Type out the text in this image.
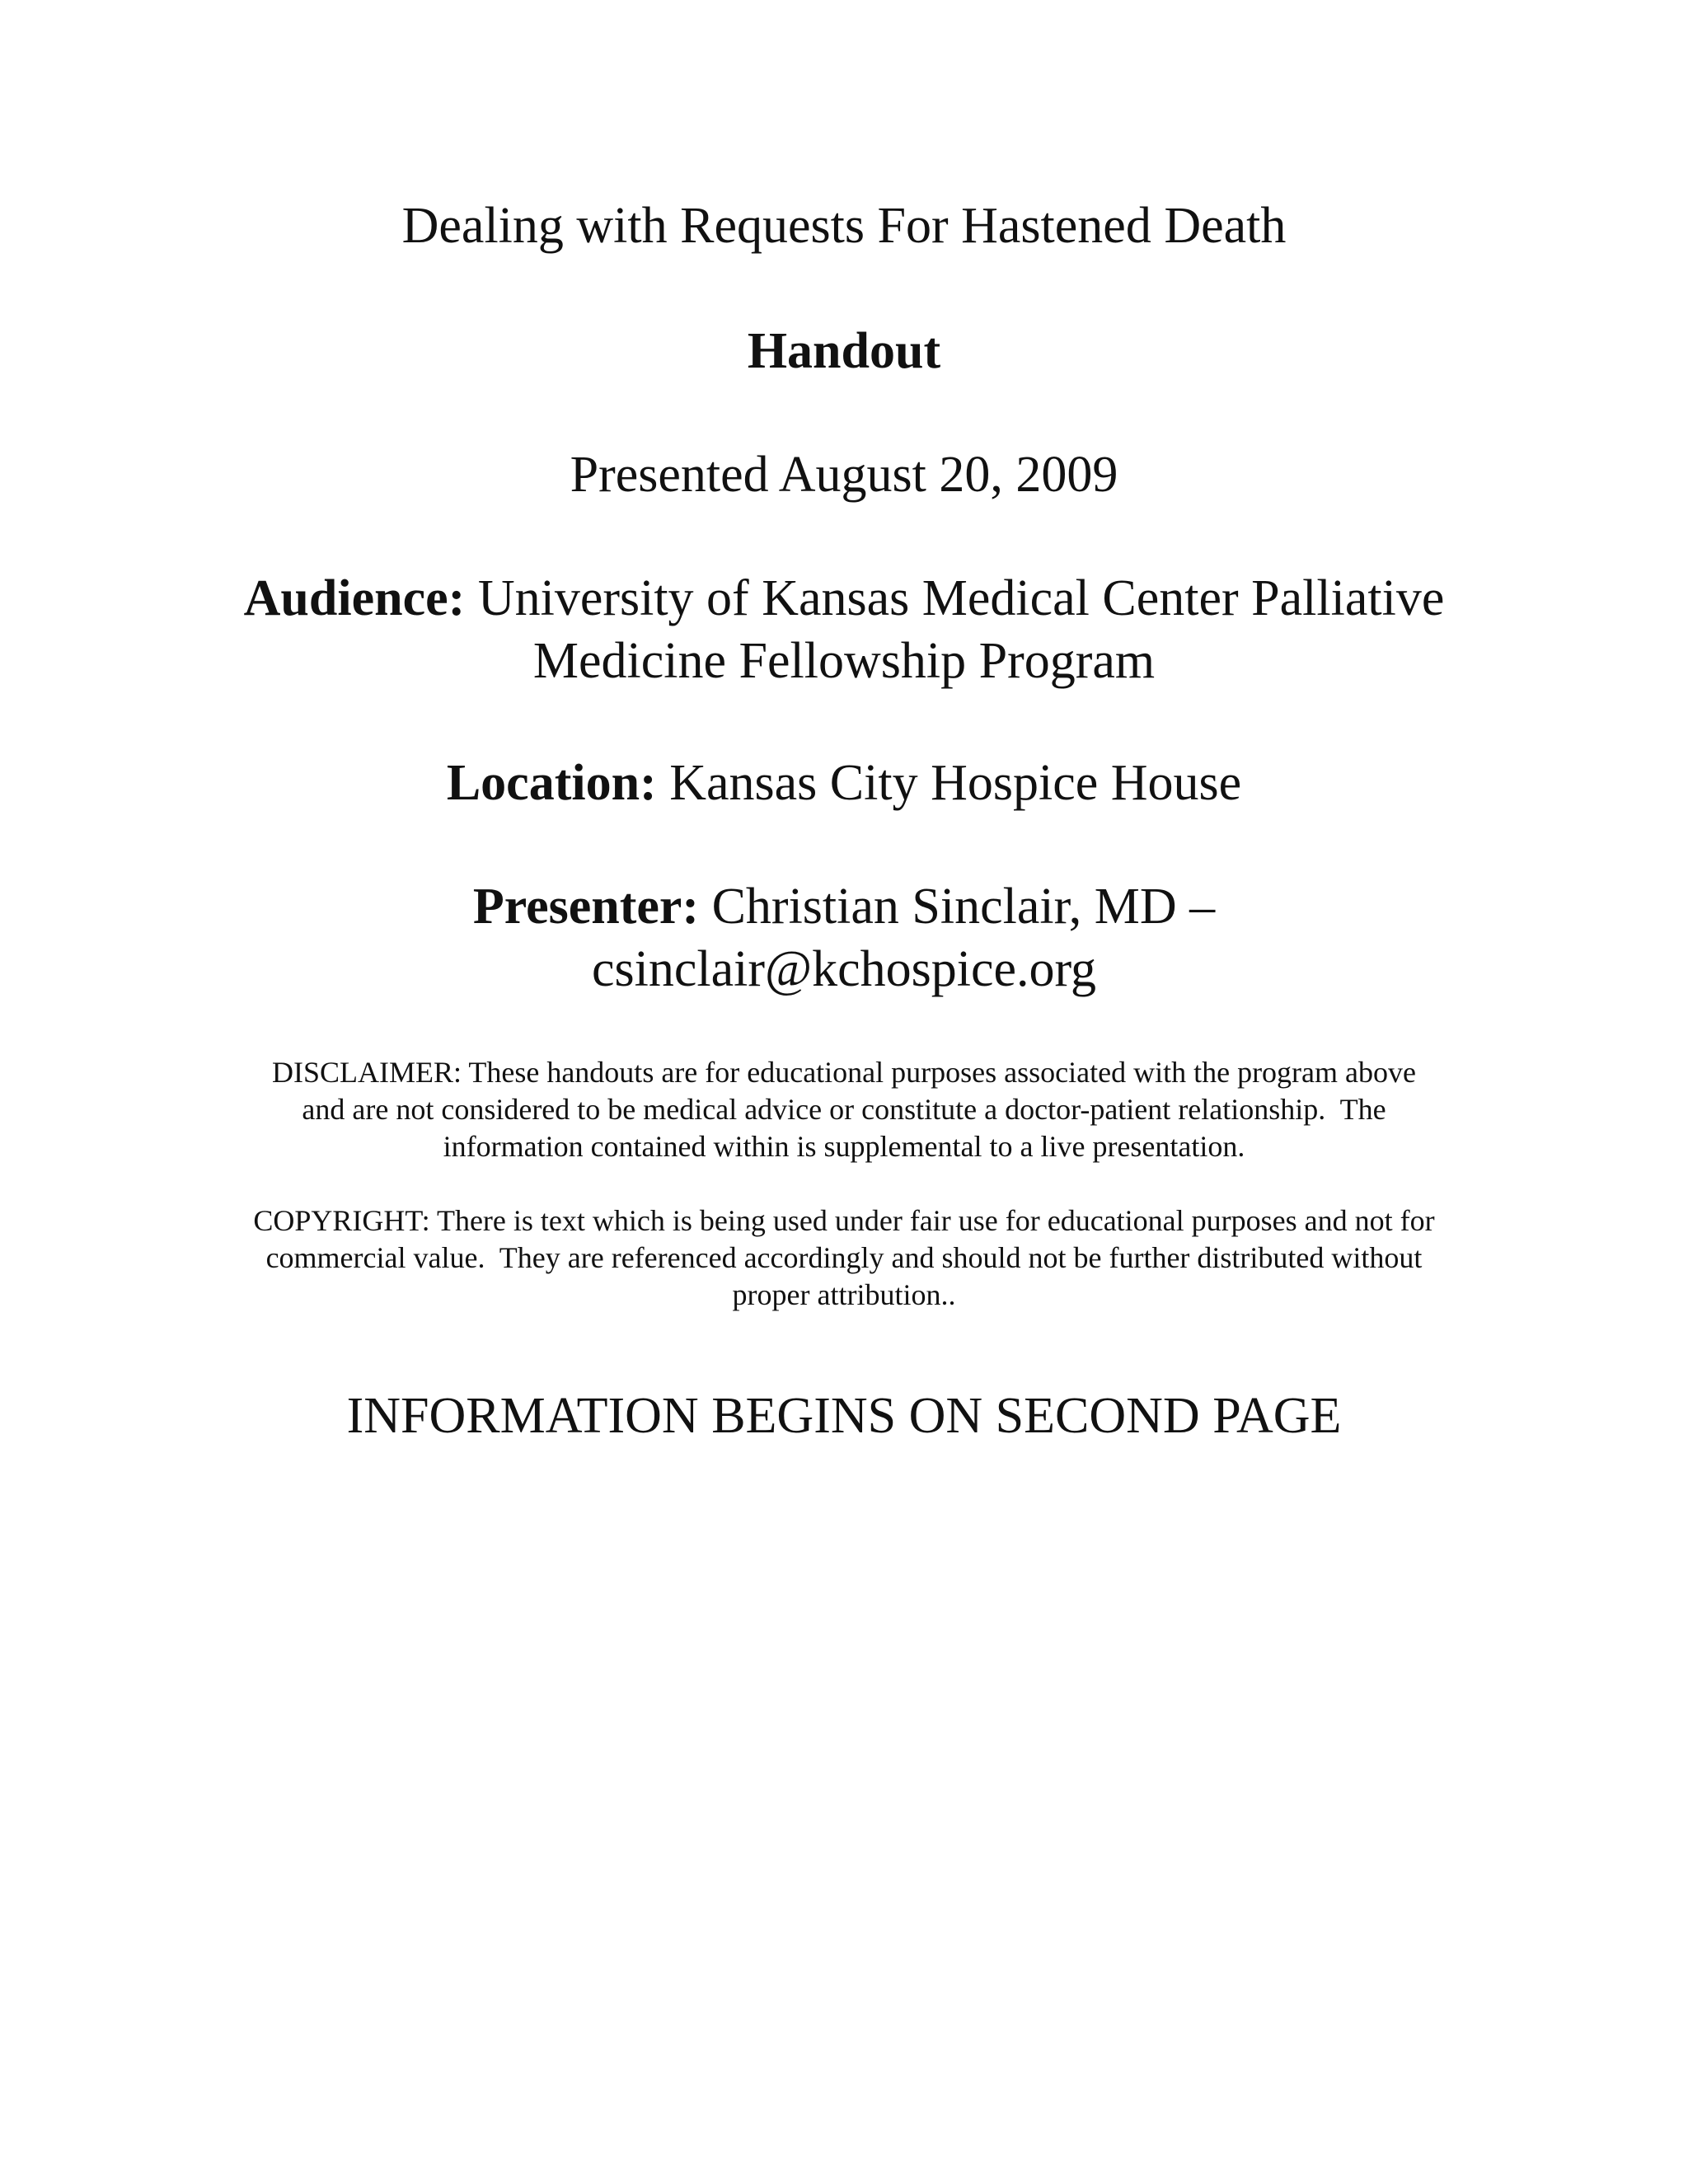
Dealing with Requests For Hastened Death
Handout

Presented August 20, 2009

Audience: University of Kansas Medical Center Palliative
Medicine Fellowship Program
Location: Kansas City Hospice House
Presenter: Christian Sinclair, MD –
csinclair@kchospice.org
DISCLAIMER: These handouts are for educational purposes associated with the program above
and are not considered to be medical advice or constitute a doctor-patient relationship.  The
information contained within is supplemental to a live presentation.
COPYRIGHT: There is text which is being used under fair use for educational purposes and not for
commercial value.  They are referenced accordingly and should not be further distributed without
proper attribution..

INFORMATION BEGINS ON SECOND PAGE
